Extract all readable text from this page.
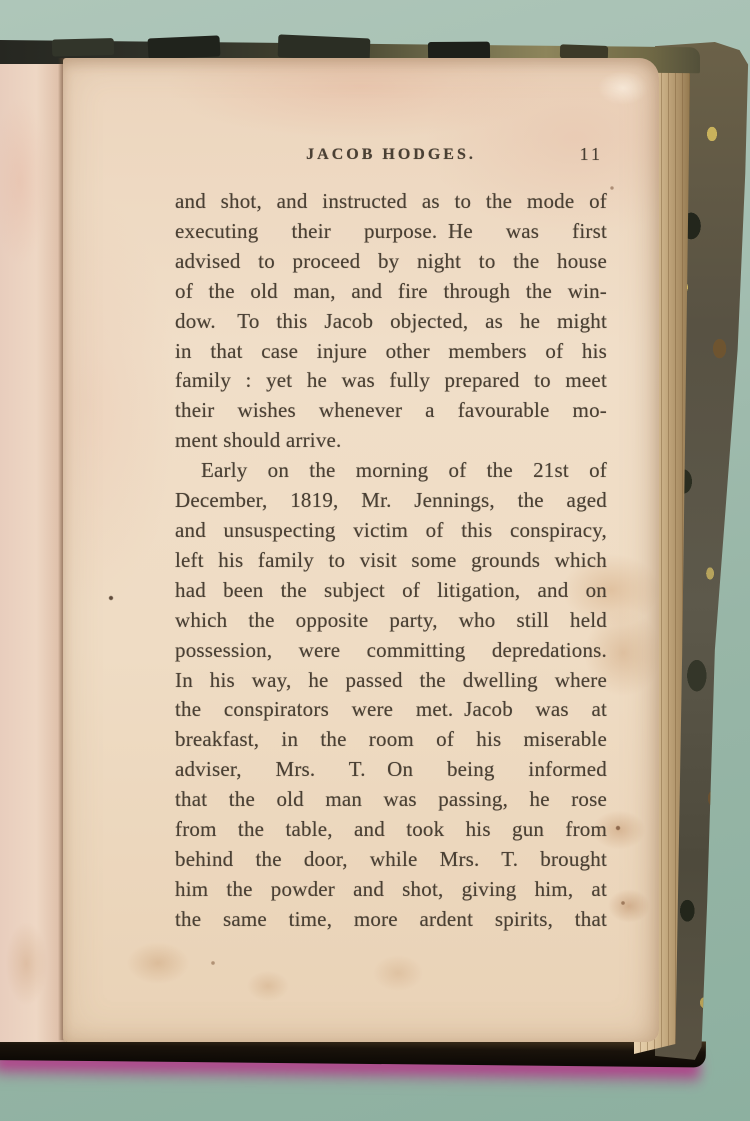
JACOB HODGES.	11
and shot, and instructed as to the mode of
executing their purpose. He was first
advised to proceed by night to the house
of the old man, and fire through the win-
dow.  To this Jacob objected, as he might
in that case injure other members of his
family : yet he was fully prepared to meet
their wishes whenever a favourable mo-
ment should arrive.
Early on the morning of the 21st of
December, 1819, Mr. Jennings, the aged
and unsuspecting victim of this conspiracy,
left his family to visit some grounds which
had been the subject of litigation, and on
which the opposite party, who still held
possession, were committing depredations.
In his way, he passed the dwelling where
the conspirators were met. Jacob was at
breakfast, in the room of his miserable
adviser, Mrs. T.  On being informed
that the old man was passing, he rose
from the table, and took his gun from
behind the door, while Mrs. T. brought
him the powder and shot, giving him, at
the same time, more ardent spirits, that
